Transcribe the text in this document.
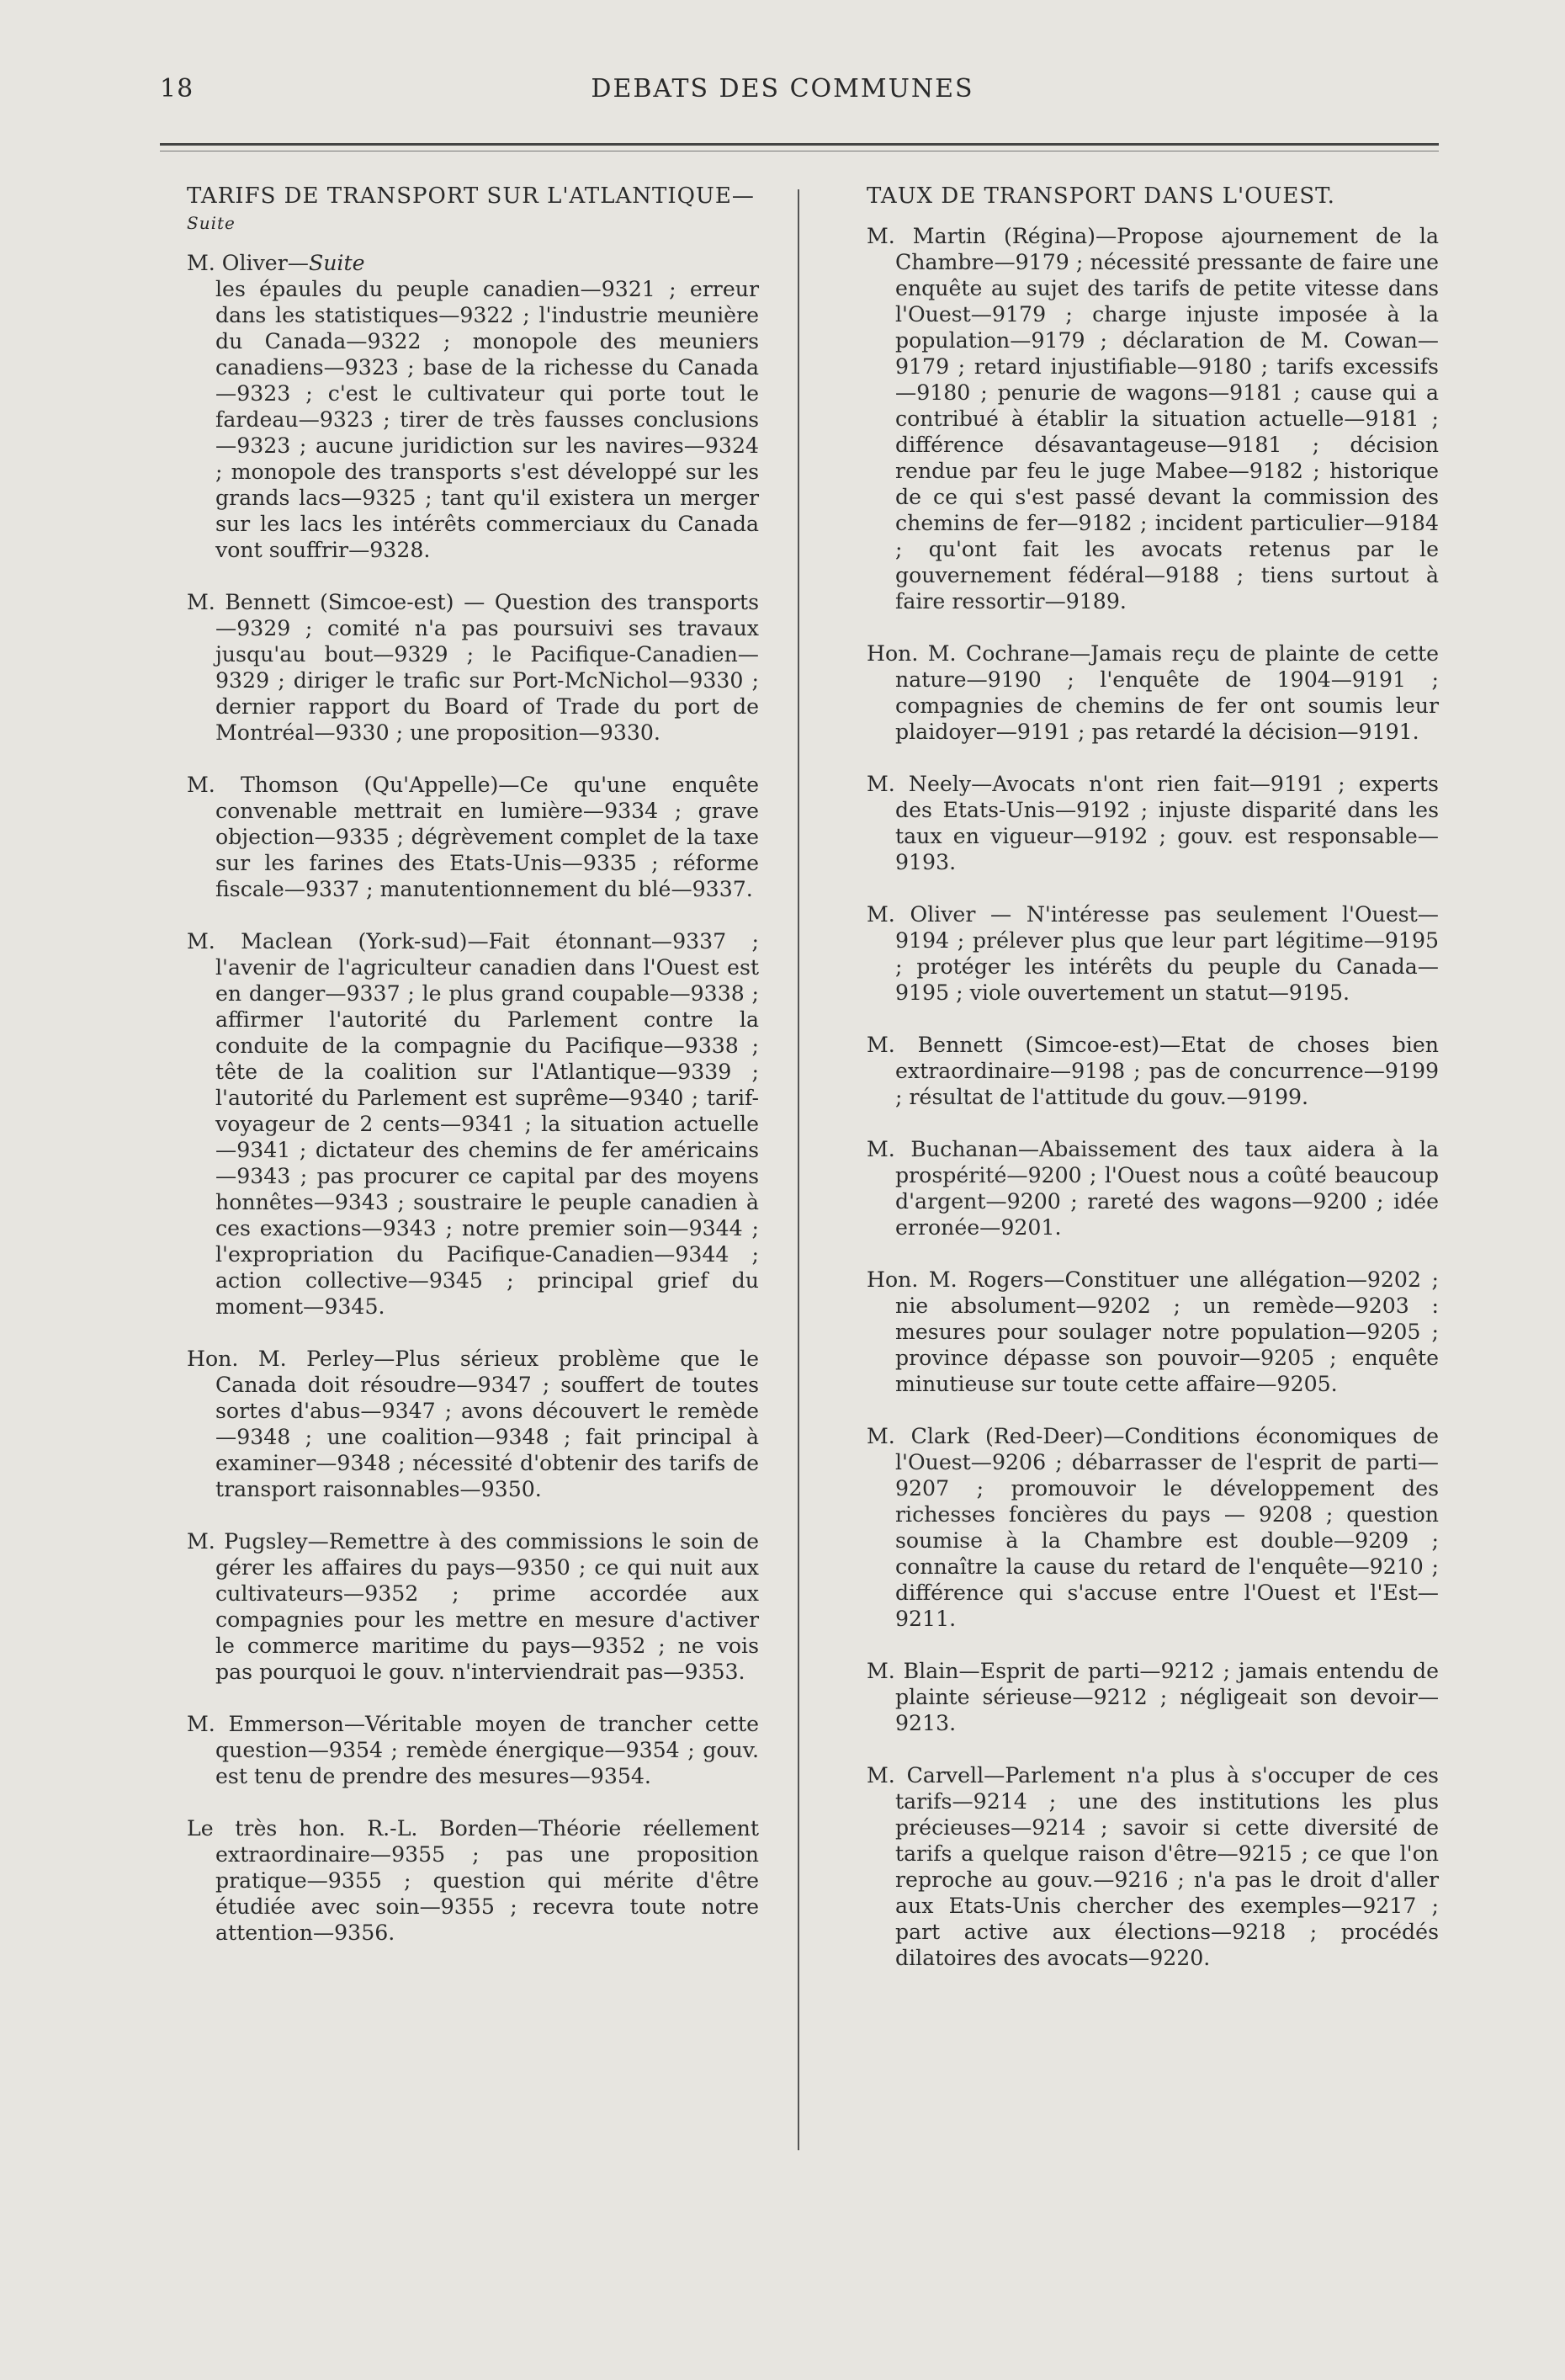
18	DEBATS DES COMMUNES
TARIFS DE TRANSPORT SUR L'ATLANTIQUE—Suite

M. Oliver—Suite
les épaules du peuple canadien—9321 ; erreur dans les statistiques—9322 ; l'industrie meunière du Canada—9322 ; monopole des meuniers canadiens—9323 ; base de la richesse du Canada—9323 ; c'est le cultivateur qui porte tout le fardeau—9323 ; tirer de très fausses conclusions—9323 ; aucune juridiction sur les navires—9324 ; monopole des transports s'est développé sur les grands lacs—9325 ; tant qu'il existera un merger sur les lacs les intérêts commerciaux du Canada vont souffrir—9328.

M. Bennett (Simcoe-est) — Question des transports—9329 ; comité n'a pas poursuivi ses travaux jusqu'au bout—9329 ; le Pacifique-Canadien—9329 ; diriger le trafic sur Port-McNichol—9330 ; dernier rapport du Board of Trade du port de Montréal—9330 ; une proposition—9330.

M. Thomson (Qu'Appelle)—Ce qu'une enquête convenable mettrait en lumière—9334 ; grave objection—9335 ; dégrèvement complet de la taxe sur les farines des Etats-Unis—9335 ; réforme fiscale—9337 ; manutentionnement du blé—9337.

M. Maclean (York-sud)—Fait étonnant—9337 ; l'avenir de l'agriculteur canadien dans l'Ouest est en danger—9337 ; le plus grand coupable—9338 ; affirmer l'autorité du Parlement contre la conduite de la compagnie du Pacifique—9338 ; tête de la coalition sur l'Atlantique—9339 ; l'autorité du Parlement est suprême—9340 ; tarif-voyageur de 2 cents—9341 ; la situation actuelle—9341 ; dictateur des chemins de fer américains—9343 ; pas procurer ce capital par des moyens honnêtes—9343 ; soustraire le peuple canadien à ces exactions—9343 ; notre premier soin—9344 ; l'expropriation du Pacifique-Canadien—9344 ; action collective—9345 ; principal grief du moment—9345.

Hon. M. Perley—Plus sérieux problème que le Canada doit résoudre—9347 ; souffert de toutes sortes d'abus—9347 ; avons découvert le remède—9348 ; une coalition—9348 ; fait principal à examiner—9348 ; nécessité d'obtenir des tarifs de transport raisonnables—9350.

M. Pugsley—Remettre à des commissions le soin de gérer les affaires du pays—9350 ; ce qui nuit aux cultivateurs—9352 ; prime accordée aux compagnies pour les mettre en mesure d'activer le commerce maritime du pays—9352 ; ne vois pas pourquoi le gouv. n'interviendrait pas—9353.

M. Emmerson—Véritable moyen de trancher cette question—9354 ; remède énergique—9354 ; gouv. est tenu de prendre des mesures—9354.

Le très hon. R.-L. Borden—Théorie réellement extraordinaire—9355 ; pas une proposition pratique—9355 ; question qui mérite d'être étudiée avec soin—9355 ; recevra toute notre attention—9356.

TAUX DE TRANSPORT DANS L'OUEST.

M. Martin (Régina)—Propose ajournement de la Chambre—9179 ; nécessité pressante de faire une enquête au sujet des tarifs de petite vitesse dans l'Ouest—9179 ; charge injuste imposée à la population—9179 ; déclaration de M. Cowan—9179 ; retard injustifiable—9180 ; tarifs excessifs—9180 ; penurie de wagons—9181 ; cause qui a contribué à établir la situation actuelle—9181 ; différence désavantageuse—9181 ; décision rendue par feu le juge Mabee—9182 ; historique de ce qui s'est passé devant la commission des chemins de fer—9182 ; incident particulier—9184 ; qu'ont fait les avocats retenus par le gouvernement fédéral—9188 ; tiens surtout à faire ressortir—9189.

Hon. M. Cochrane—Jamais reçu de plainte de cette nature—9190 ; l'enquête de 1904—9191 ; compagnies de chemins de fer ont soumis leur plaidoyer—9191 ; pas retardé la décision—9191.

M. Neely—Avocats n'ont rien fait—9191 ; experts des Etats-Unis—9192 ; injuste disparité dans les taux en vigueur—9192 ; gouv. est responsable—9193.

M. Oliver — N'intéresse pas seulement l'Ouest—9194 ; prélever plus que leur part légitime—9195 ; protéger les intérêts du peuple du Canada—9195 ; viole ouvertement un statut—9195.

M. Bennett (Simcoe-est)—Etat de choses bien extraordinaire—9198 ; pas de concurrence—9199 ; résultat de l'attitude du gouv.—9199.

M. Buchanan—Abaissement des taux aidera à la prospérité—9200 ; l'Ouest nous a coûté beaucoup d'argent—9200 ; rareté des wagons—9200 ; idée erronée—9201.

Hon. M. Rogers—Constituer une allégation—9202 ; nie absolument—9202 ; un remède—9203 : mesures pour soulager notre population—9205 ; province dépasse son pouvoir—9205 ; enquête minutieuse sur toute cette affaire—9205.

M. Clark (Red-Deer)—Conditions économiques de l'Ouest—9206 ; débarrasser de l'esprit de parti—9207 ; promouvoir le développement des richesses foncières du pays — 9208 ; question soumise à la Chambre est double—9209 ; connaître la cause du retard de l'enquête—9210 ; différence qui s'accuse entre l'Ouest et l'Est—9211.

M. Blain—Esprit de parti—9212 ; jamais entendu de plainte sérieuse—9212 ; négligeait son devoir—9213.

M. Carvell—Parlement n'a plus à s'occuper de ces tarifs—9214 ; une des institutions les plus précieuses—9214 ; savoir si cette diversité de tarifs a quelque raison d'être—9215 ; ce que l'on reproche au gouv.—9216 ; n'a pas le droit d'aller aux Etats-Unis chercher des exemples—9217 ; part active aux élections—9218 ; procédés dilatoires des avocats—9220.
